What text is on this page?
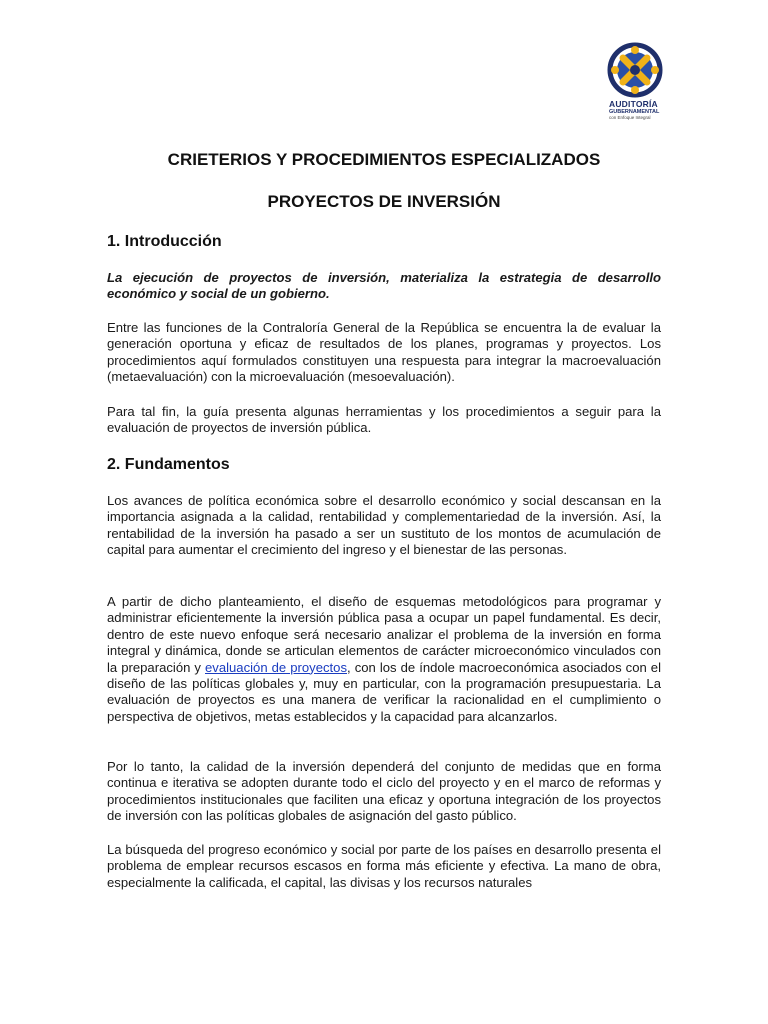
AUDITORÍA
GUBERNAMENTAL
con Enfoque Integral
CRIETERIOS Y PROCEDIMIENTOS ESPECIALIZADOS
PROYECTOS DE INVERSIÓN
1. Introducción

La ejecución de proyectos de inversión, materializa la estrategia de desarrollo económico y social de un gobierno.

Entre las funciones de la Contraloría General de la República se encuentra la de evaluar la generación oportuna y eficaz de resultados de los planes, programas y proyectos. Los procedimientos aquí formulados constituyen una respuesta para integrar la macroevaluación (metaevaluación) con la microevaluación (mesoevaluación).

Para tal fin, la guía presenta algunas herramientas y los procedimientos a seguir para la evaluación de proyectos de inversión pública.

2. Fundamentos

Los avances de política económica sobre el desarrollo económico y social descansan en la importancia asignada a la calidad, rentabilidad y complementariedad de la inversión. Así, la rentabilidad de la inversión ha pasado a ser un sustituto de los montos de acumulación de capital para aumentar el crecimiento del ingreso y el bienestar de las personas.

A partir de dicho planteamiento, el diseño de esquemas metodológicos para programar y administrar eficientemente la inversión pública pasa a ocupar un papel fundamental. Es decir, dentro de este nuevo enfoque será necesario analizar el problema de la inversión en forma integral y dinámica, donde se articulan elementos de carácter microeconómico vinculados con la preparación y evaluación de proyectos, con los de índole macroeconómica asociados con el diseño de las políticas globales y, muy en particular, con la programación presupuestaria. La evaluación de proyectos es una manera de verificar la racionalidad en el cumplimiento o perspectiva de objetivos, metas establecidos y la capacidad para alcanzarlos.

Por lo tanto, la calidad de la inversión dependerá del conjunto de medidas que en forma continua e iterativa se adopten durante todo el ciclo del proyecto y en el marco de reformas y procedimientos institucionales que faciliten una eficaz y oportuna integración de los proyectos de inversión con las políticas globales de asignación del gasto público.

La búsqueda del progreso económico y social por parte de los países en desarrollo presenta el problema de emplear recursos escasos en forma más eficiente y efectiva. La mano de obra, especialmente la calificada, el capital, las divisas y los recursos naturales
